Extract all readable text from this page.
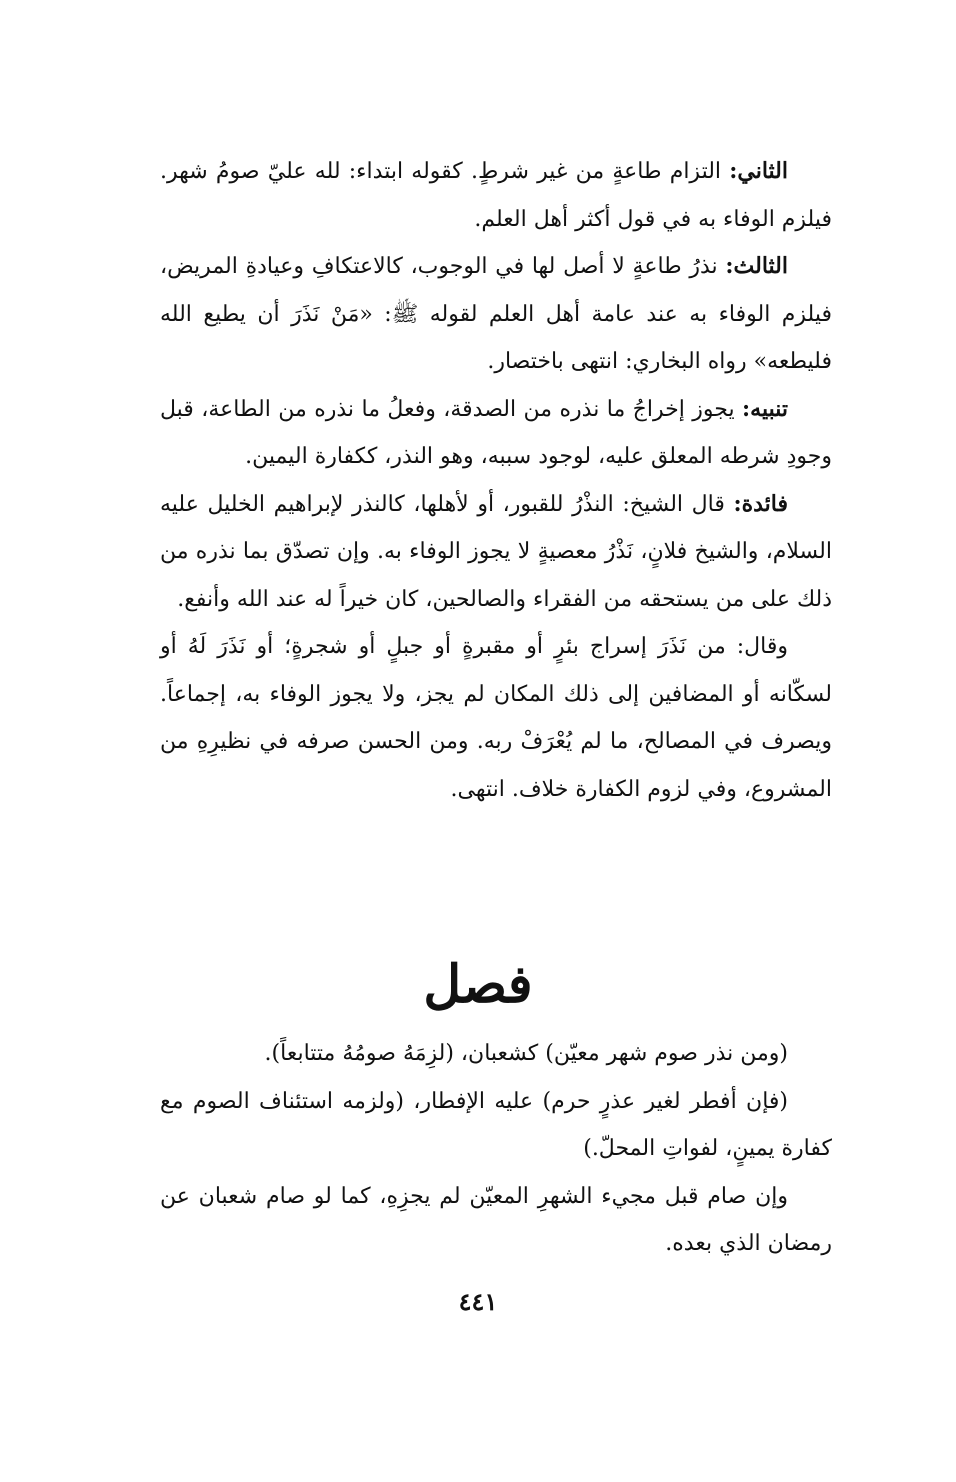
الثاني: التزام طاعةٍ من غير شرطٍ. كقوله ابتداء: لله عليّ صومُ شهر. فيلزم الوفاء به في قول أكثر أهل العلم.

الثالث: نذرُ طاعةٍ لا أصل لها في الوجوب، كالاعتكافِ وعيادةِ المريض، فيلزم الوفاء به عند عامة أهل العلم لقوله ﷺ: «مَنْ نَذَرَ أن يطيع الله فليطعه» رواه البخاري: انتهى باختصار.

تنبيه: يجوز إخراجُ ما نذره من الصدقة، وفعلُ ما نذره من الطاعة، قبل وجودِ شرطه المعلق عليه، لوجود سببه، وهو النذر، ككفارة اليمين.

فائدة: قال الشيخ: النذْرُ للقبور، أو لأهلها، كالنذر لإبراهيم الخليل عليه السلام، والشيخ فلانٍ، نَذْرُ معصيةٍ لا يجوز الوفاء به. وإن تصدّق بما نذره من ذلك على من يستحقه من الفقراء والصالحين، كان خيراً له عند الله وأنفع.

وقال: من نَذَرَ إسراج بئرٍ أو مقبرةٍ أو جبلٍ أو شجرةٍ؛ أو نَذَرَ لَهُ أو لسكّانه أو المضافين إلى ذلك المكان لم يجز، ولا يجوز الوفاء به، إجماعاً. ويصرف في المصالح، ما لم يُعْرَفْ ربه. ومن الحسن صرفه في نظيرِهِ من المشروع، وفي لزوم الكفارة خلاف. انتهى.

فصل

(ومن نذر صوم شهر معيّن) كشعبان، (لزِمَهُ صومُهُ متتابعاً).

(فإن أفطر لغير عذرٍ حرم) عليه الإفطار، (ولزمه استئناف الصوم مع كفارة يمينٍ، لفواتِ المحلّ.)

وإن صام قبل مجيء الشهرِ المعيّن لم يجزِهِ، كما لو صام شعبان عن رمضان الذي بعده.

٤٤١
